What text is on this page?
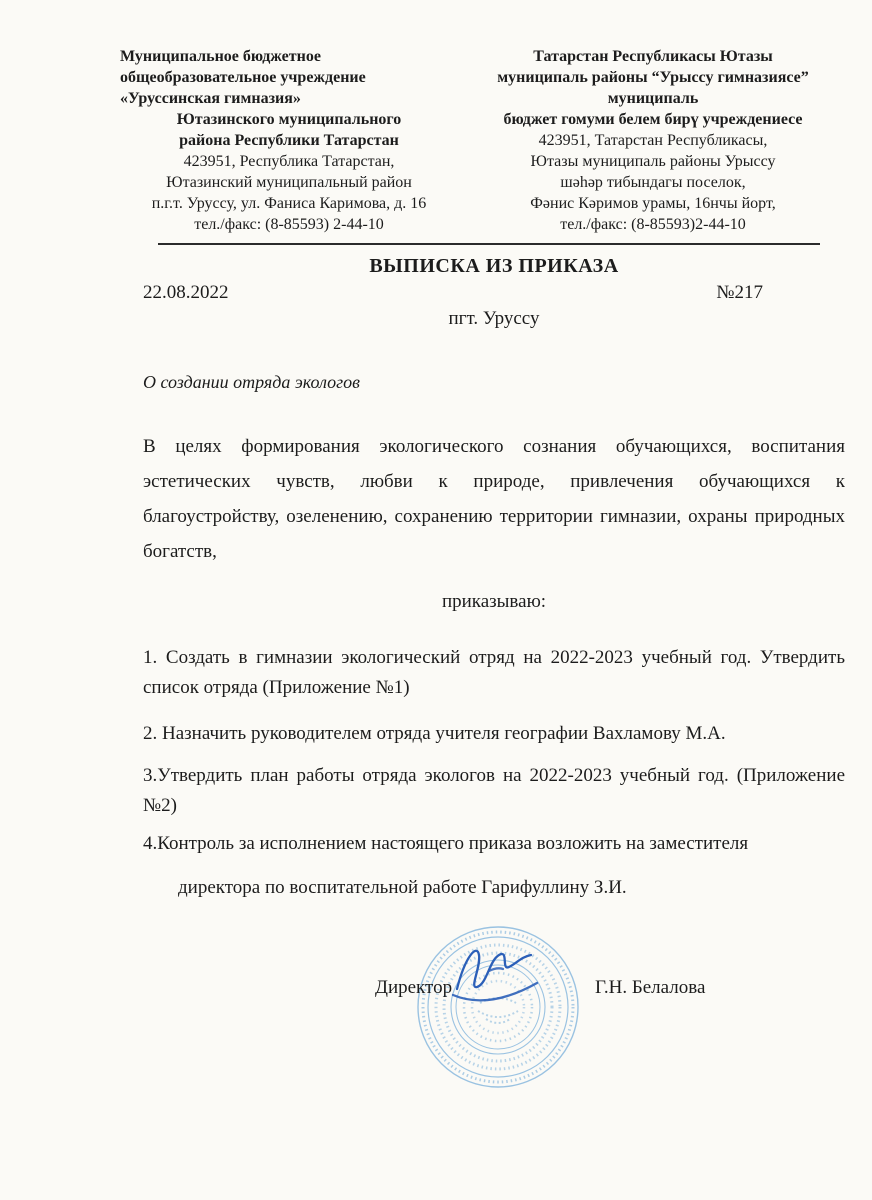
Муниципальное бюджетное
общеобразовательное учреждение
«Уруссинская гимназия»
Ютазинского муниципального
района Республики Татарстан
423951, Республика Татарстан,
Ютазинский муниципальный район
п.г.т. Уруссу, ул. Фаниса Каримова, д. 16
тел./факс: (8-85593) 2-44-10
Татарстан Республикасы Ютазы
муниципаль районы “Урыссу гимназиясе”
муниципаль
бюджет гомуми белем бирү учреждениесе
423951, Татарстан Республикасы,
Ютазы муниципаль районы Урыссу
шәһәр тибындагы поселок,
Фәнис Кәримов урамы, 16нчы йорт,
тел./факс: (8-85593)2-44-10
ВЫПИСКА ИЗ ПРИКАЗА
22.08.2022	№217
пгт. Уруссу
О создании отряда экологов

В целях формирования экологического сознания обучающихся, воспитания эстетических чувств, любви к природе, привлечения обучающихся к благоустройству, озеленению, сохранению территории гимназии, охраны природных богатств,

приказываю:

1. Создать в гимназии экологический отряд на 2022-2023 учебный год. Утвердить список отряда (Приложение №1)

2. Назначить руководителем отряда учителя географии Вахламову М.А.

3.Утвердить план работы отряда экологов на 2022-2023 учебный год. (Приложение №2)

4.Контроль за исполнением настоящего приказа возложить на заместителя

директора по воспитательной работе Гарифуллину З.И.

Директор	Г.Н. Белалова
